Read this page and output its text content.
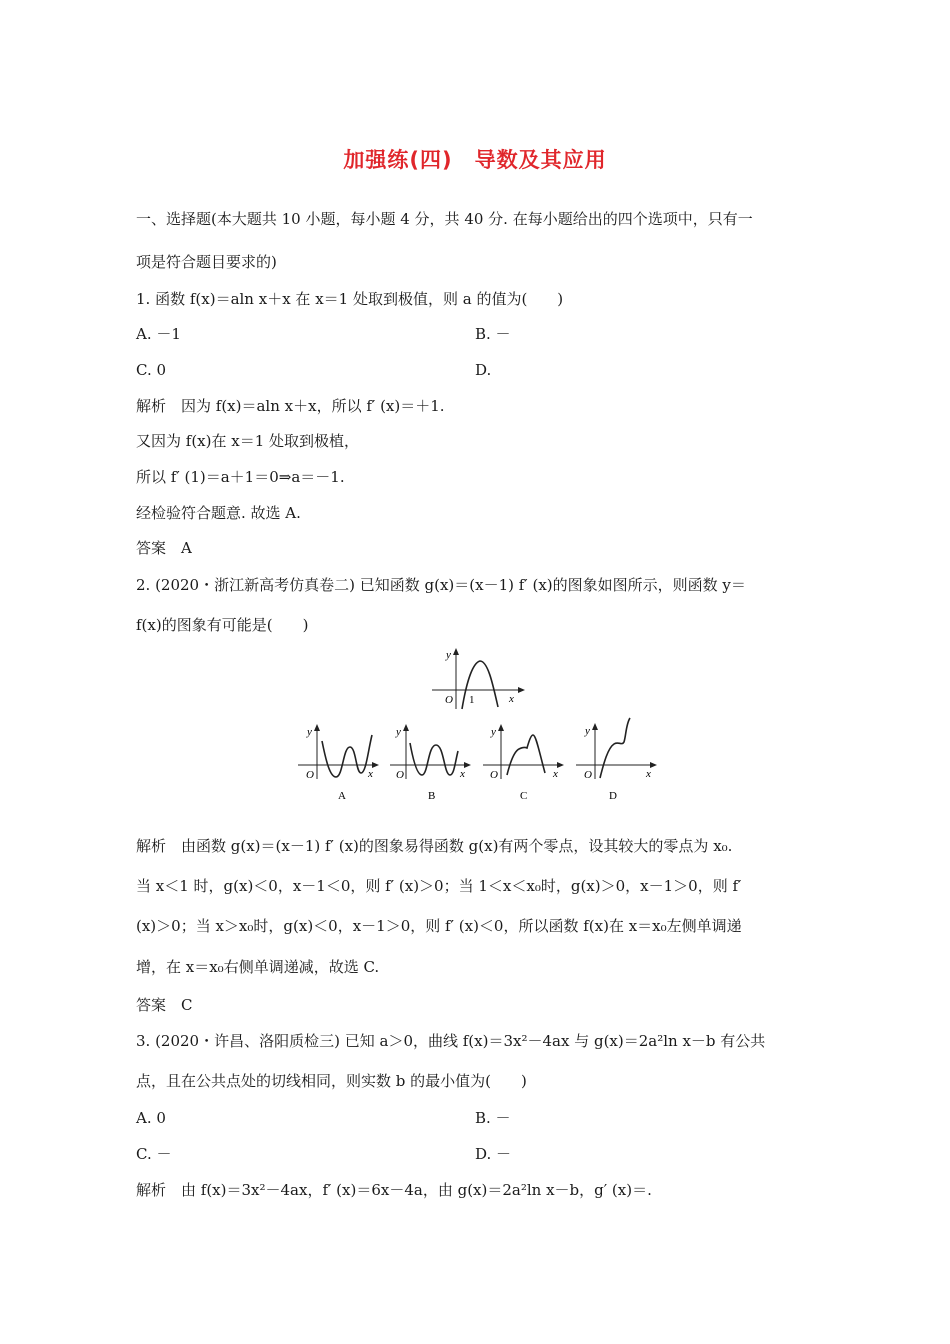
加强练(四)　导数及其应用
一、选择题(本大题共 10 小题，每小题 4 分，共 40 分. 在每小题给出的四个选项中，只有一
项是符合题目要求的)
1. 函数 f(x)＝aln x＋x 在 x＝1 处取到极值，则 a 的值为(　　)
A. －1	B. －
C. 0	D.
解析　因为 f(x)＝aln x＋x，所以 f′ (x)＝＋1.
又因为 f(x)在 x＝1 处取到极植，
所以 f′ (1)＝a＋1＝0⇒a＝－1.
经检验符合题意. 故选 A.
答案　A
2. (2020・浙江新高考仿真卷二) 已知函数 g(x)＝(x－1) f′ (x)的图象如图所示，则函数 y＝
f(x)的图象有可能是(　　)
y
x
O 1
y
x
O
A
y
x
O
B
y
x
O
C
y
x
O
D
解析　由函数 g(x)＝(x－1) f′ (x)的图象易得函数 g(x)有两个零点，设其较大的零点为 x₀.
当 x＜1 时，g(x)＜0，x－1＜0，则 f′ (x)＞0；当 1＜x＜x₀时，g(x)＞0，x－1＞0，则 f′
(x)＞0；当 x＞x₀时，g(x)＜0，x－1＞0，则 f′ (x)＜0，所以函数 f(x)在 x＝x₀左侧单调递
增，在 x＝x₀右侧单调递减，故选 C.
答案　C
3. (2020・许昌、洛阳质检三) 已知 a＞0，曲线 f(x)＝3x²－4ax 与 g(x)＝2a²ln x－b 有公共
点，且在公共点处的切线相同，则实数 b 的最小值为(　　)
A. 0	B. －
C. －	D. －
解析　由 f(x)＝3x²－4ax，f′ (x)＝6x－4a，由 g(x)＝2a²ln x－b，g′ (x)＝.
